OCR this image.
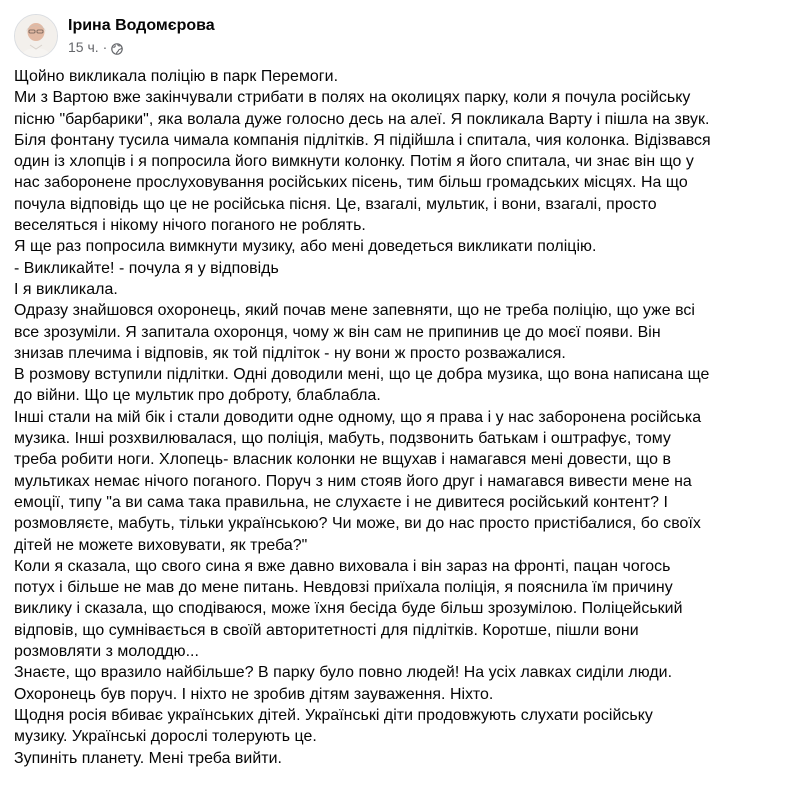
Ірина Водомєрова
15 ч. ·
Щойно викликала поліцію в парк Перемоги.
Ми з Вартою вже закінчували стрибати в полях на околицях парку, коли я почула російську
пісню "барбарики", яка волала дуже голосно десь на алеї. Я покликала Варту і пішла на звук.
Біля фонтану тусила чимала компанія підлітків. Я підійшла і спитала, чия колонка. Відізвався
один із хлопців і я попросила його вимкнути колонку. Потім я його спитала, чи знає він що у
нас заборонене прослуховування російських пісень, тим більш громадських місцях. На що
почула відповідь що це не російська пісня. Це, взагалі, мультик, і вони, взагалі, просто
веселяться і нікому нічого поганого не роблять.
Я ще раз попросила вимкнути музику, або мені доведеться викликати поліцію.
- Викликайте! - почула я у відповідь
І я викликала.
Одразу знайшовся охоронець, який почав мене запевняти, що не треба поліцію, що уже всі
все зрозуміли. Я запитала охоронця, чому ж він сам не припинив це до моєї появи. Він
знизав плечима і відповів, як той підліток - ну вони ж просто розважалися.
В розмову вступили підлітки. Одні доводили мені, що це добра музика, що вона написана ще
до війни. Що це мультик про доброту, блаблабла.
Інші стали на мій бік і стали доводити одне одному, що я права і у нас заборонена російська
музика. Інші розхвилювалася, що поліція, мабуть, подзвонить батькам і оштрафує, тому
треба робити ноги. Хлопець- власник колонки не вщухав і намагався мені довести, що в
мультиках немає нічого поганого. Поруч з ним стояв його друг і намагався вивести мене на
емоції, типу "а ви сама така правильна, не слухаєте і не дивитеся російський контент? І
розмовляєте, мабуть, тільки українською? Чи може, ви до нас просто пристібалися, бо своїх
дітей не можете виховувати, як треба?"
Коли я сказала, що свого сина я вже давно виховала і він зараз на фронті, пацан чогось
потух і більше не мав до мене питань. Невдовзі приїхала поліція, я пояснила їм причину
виклику і сказала, що сподіваюся, може їхня бесіда буде більш зрозумілою. Поліцейський
відповів, що сумнівається в своїй авторитетності для підлітків. Коротше, пішли вони
розмовляти з молоддю...
Знаєте, що вразило найбільше? В парку було повно людей! На усіх лавках сиділи люди.
Охоронець був поруч. І ніхто не зробив дітям зауваження. Ніхто.
Щодня росія вбиває українських дітей. Українські діти продовжують слухати російську
музику. Українські дорослі толерують це.
Зупиніть планету. Мені треба вийти.
